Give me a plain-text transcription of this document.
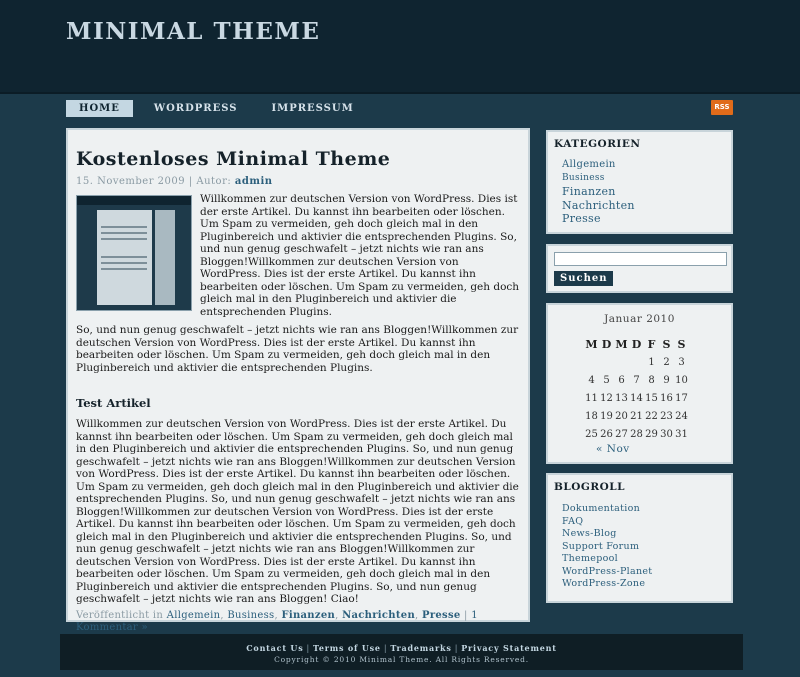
MINIMAL THEME
HOME	WORDPRESS	IMPRESSUM	RSS
Kostenloses Minimal Theme
15. November 2009 | Autor: admin

Willkommen zur deutschen Version von WordPress. Dies ist der erste Artikel. Du kannst ihn bearbeiten oder löschen. Um Spam zu vermeiden, geh doch gleich mal in den Pluginbereich und aktivier die entsprechenden Plugins. So, und nun genug geschwafelt – jetzt nichts wie ran ans Bloggen!Willkommen zur deutschen Version von WordPress. Dies ist der erste Artikel. Du kannst ihn bearbeiten oder löschen. Um Spam zu vermeiden, geh doch gleich mal in den Pluginbereich und aktivier die entsprechenden Plugins.

So, und nun genug geschwafelt – jetzt nichts wie ran ans Bloggen!Willkommen zur deutschen Version von WordPress. Dies ist der erste Artikel. Du kannst ihn bearbeiten oder löschen. Um Spam zu vermeiden, geh doch gleich mal in den Pluginbereich und aktivier die entsprechenden Plugins.

Test Artikel

Willkommen zur deutschen Version von WordPress. Dies ist der erste Artikel. Du kannst ihn bearbeiten oder löschen. Um Spam zu vermeiden, geh doch gleich mal in den Pluginbereich und aktivier die entsprechenden Plugins. So, und nun genug geschwafelt – jetzt nichts wie ran ans Bloggen!Willkommen zur deutschen Version von WordPress. Dies ist der erste Artikel. Du kannst ihn bearbeiten oder löschen. Um Spam zu vermeiden, geh doch gleich mal in den Pluginbereich und aktivier die entsprechenden Plugins. So, und nun genug geschwafelt – jetzt nichts wie ran ans Bloggen!Willkommen zur deutschen Version von WordPress. Dies ist der erste Artikel. Du kannst ihn bearbeiten oder löschen. Um Spam zu vermeiden, geh doch gleich mal in den Pluginbereich und aktivier die entsprechenden Plugins. So, und nun genug geschwafelt – jetzt nichts wie ran ans Bloggen!Willkommen zur deutschen Version von WordPress. Dies ist der erste Artikel. Du kannst ihn bearbeiten oder löschen. Um Spam zu vermeiden, geh doch gleich mal in den Pluginbereich und aktivier die entsprechenden Plugins. So, und nun genug geschwafelt – jetzt nichts wie ran ans Bloggen! Ciao!

Veröffentlicht in Allgemein, Business, Finanzen, Nachrichten, Presse | 1 Kommentar »
KATEGORIEN
Allgemein
Business
Finanzen
Nachrichten
Presse
Suchen
Januar 2010
M	D	M	D	F	S	S
				1	2	3
4	5	6	7	8	9	10
11	12	13	14	15	16	17
18	19	20	21	22	23	24
25	26	27	28	29	30	31
« Nov
BLOGROLL
Dokumentation
FAQ
News-Blog
Support Forum
Themepool
WordPress-Planet
WordPress-Zone
Contact Us | Terms of Use | Trademarks | Privacy Statement
Copyright © 2010 Minimal Theme. All Rights Reserved.
